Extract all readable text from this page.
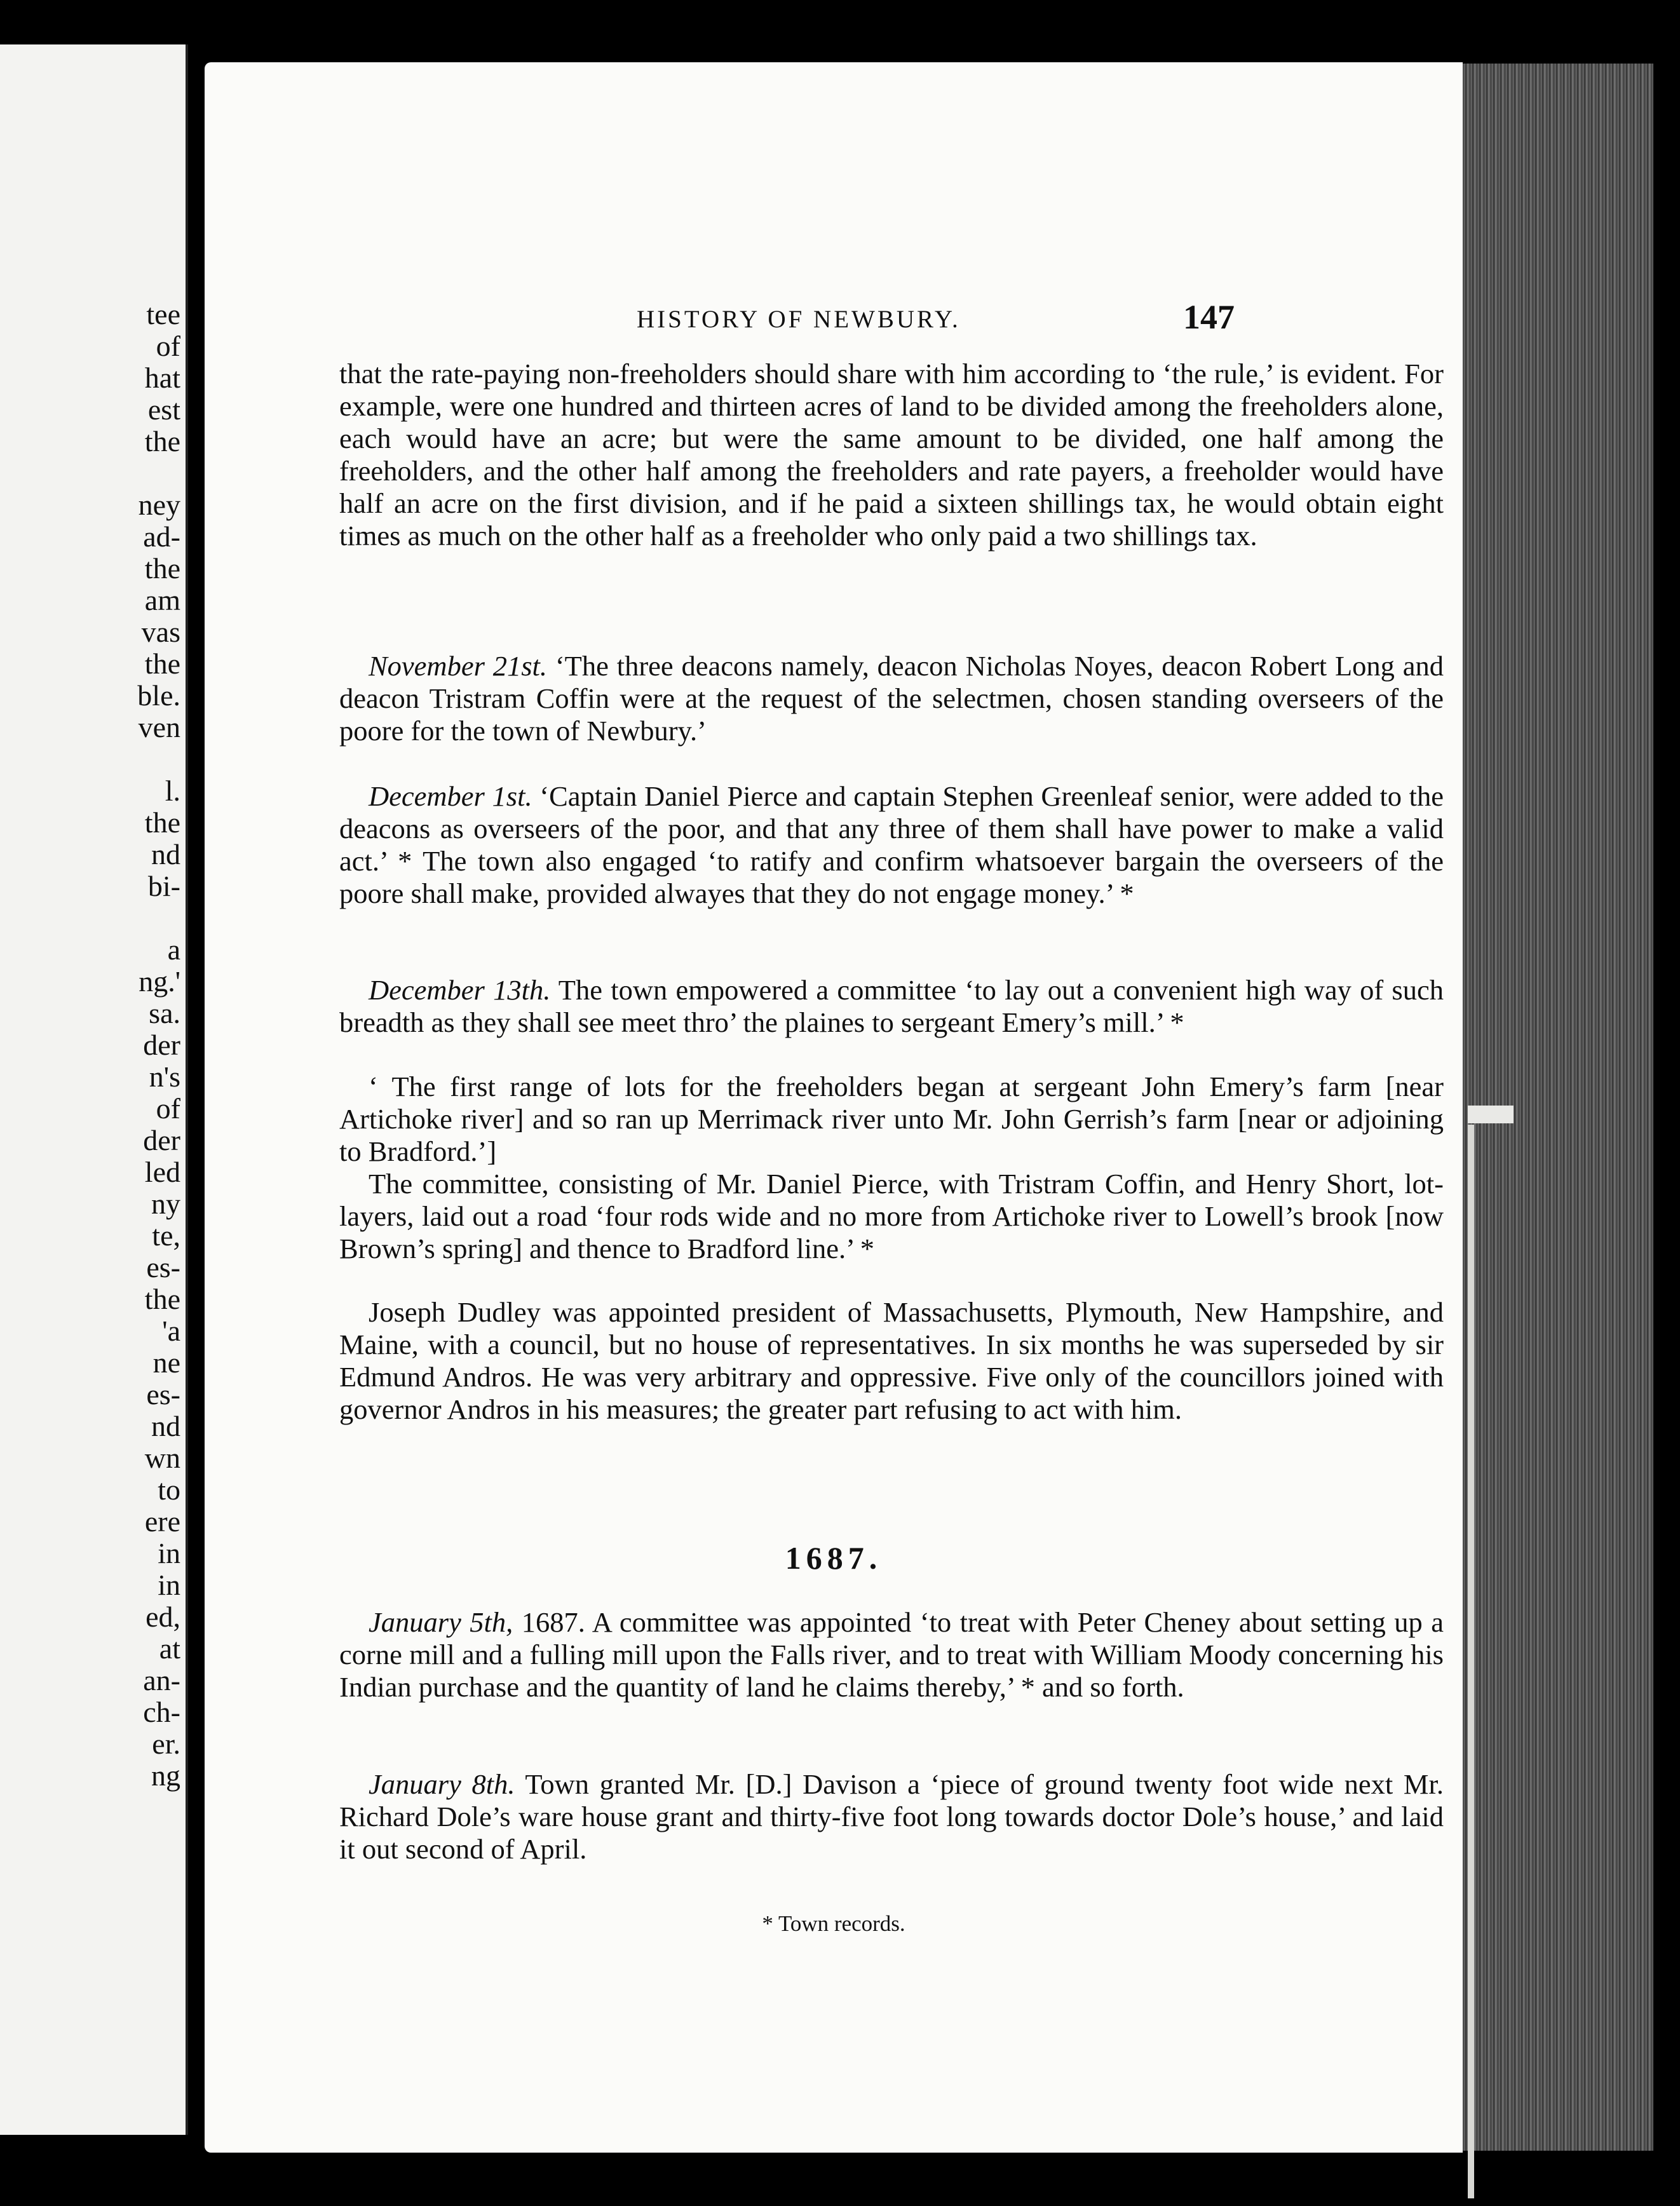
tee
of
hat
est
the
ney
ad-
the
am
vas
the
ble.
ven
l.
the
nd
bi-
a
ng.'
sa.
der
n's
of
der
led
ny
te,
es-
the
'a
ne
es-
nd
wn
to
ere
in
in
ed,
at
an-
ch-
er.
ng
HISTORY OF NEWBURY.	147

that the rate-paying non-freeholders should share with him according to ‘the rule,’ is evident. For example, were one hundred and thirteen acres of land to be divided among the freeholders alone, each would have an acre; but were the same amount to be divided, one half among the freeholders, and the other half among the freeholders and rate payers, a freeholder would have half an acre on the first division, and if he paid a sixteen shillings tax, he would obtain eight times as much on the other half as a freeholder who only paid a two shillings tax.

November 21st. ‘The three deacons namely, deacon Nicholas Noyes, deacon Robert Long and deacon Tristram Coffin were at the request of the selectmen, chosen standing overseers of the poore for the town of Newbury.’

December 1st. ‘Captain Daniel Pierce and captain Stephen Greenleaf senior, were added to the deacons as overseers of the poor, and that any three of them shall have power to make a valid act.’ * The town also engaged ‘to ratify and confirm whatsoever bargain the overseers of the poore shall make, provided alwayes that they do not engage money.’ *

December 13th. The town empowered a committee ‘to lay out a convenient high way of such breadth as they shall see meet thro’ the plaines to sergeant Emery’s mill.’ *

‘ The first range of lots for the freeholders began at sergeant John Emery’s farm [near Artichoke river] and so ran up Merrimack river unto Mr. John Gerrish’s farm [near or adjoining to Bradford.’]

The committee, consisting of Mr. Daniel Pierce, with Tristram Coffin, and Henry Short, lot-layers, laid out a road ‘four rods wide and no more from Artichoke river to Lowell’s brook [now Brown’s spring] and thence to Bradford line.’ *

Joseph Dudley was appointed president of Massachusetts, Plymouth, New Hampshire, and Maine, with a council, but no house of representatives. In six months he was superseded by sir Edmund Andros. He was very arbitrary and oppressive. Five only of the councillors joined with governor Andros in his measures; the greater part refusing to act with him.

1687.

January 5th, 1687. A committee was appointed ‘to treat with Peter Cheney about setting up a corne mill and a fulling mill upon the Falls river, and to treat with William Moody concerning his Indian purchase and the quantity of land he claims thereby,’ * and so forth.

January 8th. Town granted Mr. [D.] Davison a ‘piece of ground twenty foot wide next Mr. Richard Dole’s ware house grant and thirty-five foot long towards doctor Dole’s house,’ and laid it out second of April.

* Town records.
